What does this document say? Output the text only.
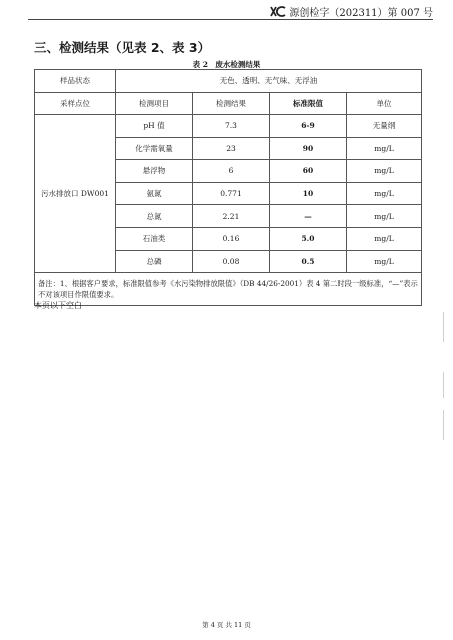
源创检字（202311）第 007 号
三、检测结果（见表 2、表 3）
表 2　废水检测结果
样品状态	无色、透明、无气味、无浮油			
采样点位	检测项目	检测结果	标准限值	单位
污水排放口 DW001	pH 值	7.3	6-9	无量纲
	化学需氧量	23	90	mg/L
	悬浮物	6	60	mg/L
	氨氮	0.771	10	mg/L
	总氮	2.21	—	mg/L
	石油类	0.16	5.0	mg/L
	总磷	0.08	0.5	mg/L
备注：1、根据客户要求，标准限值参考《水污染物排放限值》（DB 44/26-2001）表 4 第二时段一级标准，“—”表示不对该项目作限值要求。				
本页以下空白
第 4 页 共 11 页
